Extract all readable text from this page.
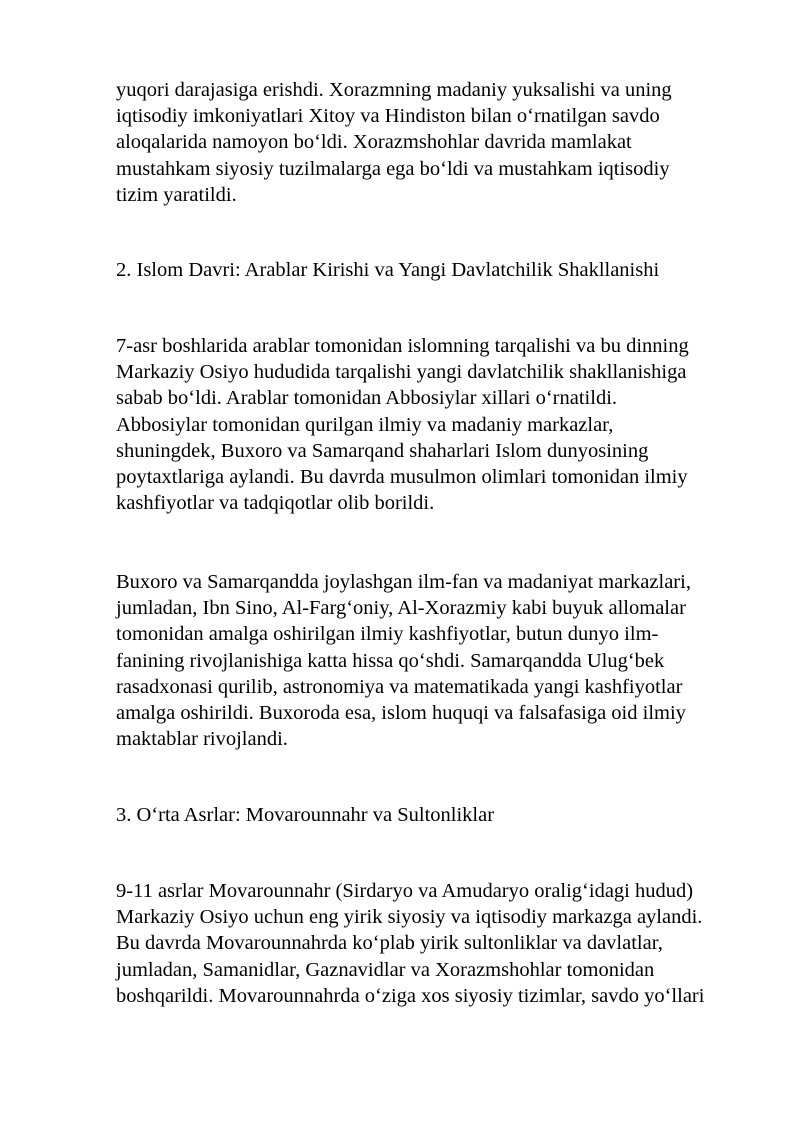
yuqori darajasiga erishdi. Xorazmning madaniy yuksalishi va uning
iqtisodiy imkoniyatlari Xitoy va Hindiston bilan o‘rnatilgan savdo
aloqalarida namoyon bo‘ldi. Xorazmshohlar davrida mamlakat
mustahkam siyosiy tuzilmalarga ega bo‘ldi va mustahkam iqtisodiy
tizim yaratildi.
2. Islom Davri: Arablar Kirishi va Yangi Davlatchilik Shakllanishi
7-asr boshlarida arablar tomonidan islomning tarqalishi va bu dinning
Markaziy Osiyo hududida tarqalishi yangi davlatchilik shakllanishiga
sabab bo‘ldi. Arablar tomonidan Abbosiylar xillari o‘rnatildi.
Abbosiylar tomonidan qurilgan ilmiy va madaniy markazlar,
shuningdek, Buxoro va Samarqand shaharlari Islom dunyosining
poytaxtlariga aylandi. Bu davrda musulmon olimlari tomonidan ilmiy
kashfiyotlar va tadqiqotlar olib borildi.
Buxoro va Samarqandda joylashgan ilm-fan va madaniyat markazlari,
jumladan, Ibn Sino, Al-Farg‘oniy, Al-Xorazmiy kabi buyuk allomalar
tomonidan amalga oshirilgan ilmiy kashfiyotlar, butun dunyo ilm-
fanining rivojlanishiga katta hissa qo‘shdi. Samarqandda Ulug‘bek
rasadxonasi qurilib, astronomiya va matematikada yangi kashfiyotlar
amalga oshirildi. Buxoroda esa, islom huquqi va falsafasiga oid ilmiy
maktablar rivojlandi.
3. O‘rta Asrlar: Movarounnahr va Sultonliklar
9-11 asrlar Movarounnahr (Sirdaryo va Amudaryo oralig‘idagi hudud)
Markaziy Osiyo uchun eng yirik siyosiy va iqtisodiy markazga aylandi.
Bu davrda Movarounnahrda ko‘plab yirik sultonliklar va davlatlar,
jumladan, Samanidlar, Gaznavidlar va Xorazmshohlar tomonidan
boshqarildi. Movarounnahrda o‘ziga xos siyosiy tizimlar, savdo yo‘llari
